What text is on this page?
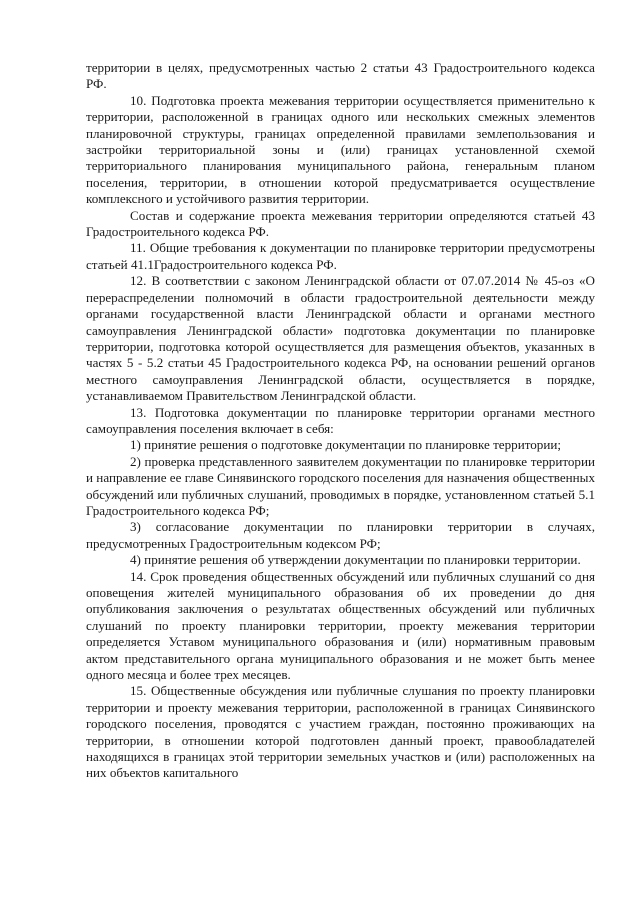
территории в целях, предусмотренных частью 2 статьи 43 Градостроительного кодекса РФ.

10. Подготовка проекта межевания территории осуществляется применительно к территории, расположенной в границах одного или нескольких смежных элементов планировочной структуры, границах определенной правилами землепользования и застройки территориальной зоны и (или) границах установленной схемой территориального планирования муниципального района, генеральным планом поселения, территории, в отношении которой предусматривается осуществление комплексного и устойчивого развития территории.

Состав и содержание проекта межевания территории определяются статьей 43 Градостроительного кодекса РФ.

11. Общие требования к документации по планировке территории предусмотрены статьей 41.1Градостроительного кодекса РФ.

12. В соответствии с законом Ленинградской области от 07.07.2014 № 45-оз «О перераспределении полномочий в области градостроительной деятельности между органами государственной власти Ленинградской области и органами местного самоуправления Ленинградской области» подготовка документации по планировке территории, подготовка которой осуществляется для размещения объектов, указанных в частях 5 - 5.2 статьи 45 Градостроительного кодекса РФ, на основании решений органов местного самоуправления Ленинградской области, осуществляется в порядке, устанавливаемом Правительством Ленинградской области.

13. Подготовка документации по планировке территории органами местного самоуправления поселения включает в себя:

1) принятие решения о подготовке документации по планировке территории;

2) проверка представленного заявителем документации по планировке территории и направление ее главе Синявинского городского поселения для назначения общественных обсуждений или публичных слушаний, проводимых в порядке, установленном статьей 5.1 Градостроительного кодекса РФ;

3) согласование документации по планировки территории в случаях, предусмотренных Градостроительным кодексом РФ;

4) принятие решения об утверждении документации по планировки территории.

14. Срок проведения общественных обсуждений или публичных слушаний со дня оповещения жителей муниципального образования об их проведении до дня опубликования заключения о результатах общественных обсуждений или публичных слушаний по проекту планировки территории, проекту межевания территории определяется Уставом муниципального образования и (или) нормативным правовым актом представительного органа муниципального образования и не может быть менее одного месяца и более трех месяцев.

15. Общественные обсуждения или публичные слушания по проекту планировки территории и проекту межевания территории, расположенной в границах Синявинского городского поселения, проводятся с участием граждан, постоянно проживающих на территории, в отношении которой подготовлен данный проект, правообладателей находящихся в границах этой территории земельных участков и (или) расположенных на них объектов капитального
